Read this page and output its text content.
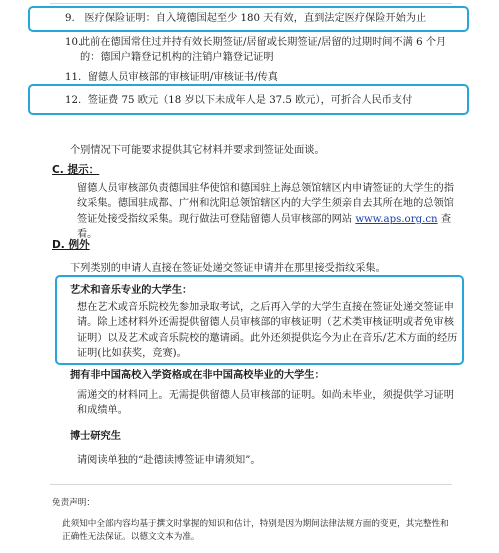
9. 医疗保险证明：自入境德国起至少 180 天有效，直到法定医疗保险开始为止
10.
此前在德国常住过并持有效长期签证/居留或长期签证/居留的过期时间不满 6 个月的：德国户籍登记机构的注销户籍登记证明
11. 留德人员审核部的审核证明/审核证书/传真
12. 签证费 75 欧元（18 岁以下未成年人是 37.5 欧元），可折合人民币支付
个别情况下可能要求提供其它材料并要求到签证处面谈。
C. 提示：
留德人员审核部负责德国驻华使馆和德国驻上海总领馆辖区内申请签证的大学生的指纹采集。德国驻成都、广州和沈阳总领馆辖区内的大学生须亲自去其所在地的总领馆签证处接受指纹采集。现行做法可登陆留德人员审核部的网站 www.aps.org.cn 查看。
D. 例外
下列类别的申请人直接在签证处递交签证申请并在那里接受指纹采集。
艺术和音乐专业的大学生：
想在艺术或音乐院校先参加录取考试，之后再入学的大学生直接在签证处递交签证申请。除上述材料外还需提供留德人员审核部的审核证明（艺术类审核证明或者免审核证明）以及艺术或音乐院校的邀请函。此外还须提供迄今为止在音乐/艺术方面的经历证明(比如获奖，竞赛)。
拥有非中国高校入学资格或在非中国高校毕业的大学生：
需递交的材料同上。无需提供留德人员审核部的证明。如尚未毕业，须提供学习证明和成绩单。
博士研究生
请阅读单独的“赴德读博签证申请须知”。
免责声明：
此须知中全部内容均基于撰文时掌握的知识和估计，特别是因为期间法律法规方面的变更，其完整性和正确性无法保证。以德文文本为准。
